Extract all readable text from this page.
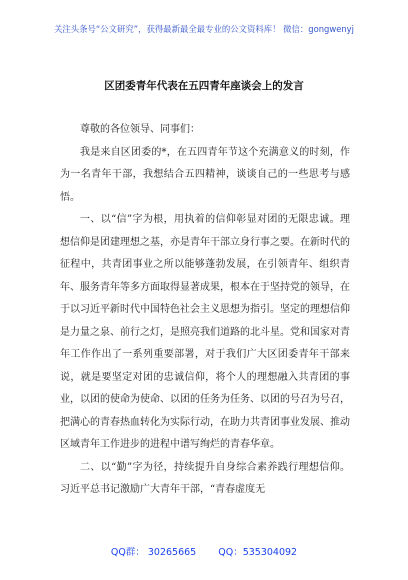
关注头条号“公文研究”，获得最新最全最专业的公文资料库！ 微信：gongwenyj
区团委青年代表在五四青年座谈会上的发言

尊敬的各位领导、同事们：

我是来自区团委的*，在五四青年节这个充满意义的时刻，作为一名青年干部，我想结合五四精神，谈谈自己的一些思考与感悟。

一、以“信”字为根，用执着的信仰彰显对团的无限忠诚。理想信仰是团建理想之基，亦是青年干部立身行事之要。在新时代的征程中，共青团事业之所以能够蓬勃发展，在引领青年、组织青年、服务青年等多方面取得显著成果，根本在于坚持党的领导，在于以习近平新时代中国特色社会主义思想为指引。坚定的理想信仰是力量之泉、前行之灯，是照亮我们道路的北斗星。党和国家对青年工作作出了一系列重要部署，对于我们广大区团委青年干部来说，就是要坚定对团的忠诚信仰，将个人的理想融入共青团的事业，以团的使命为使命、以团的任务为任务、以团的号召为号召，把满心的青春热血转化为实际行动，在助力共青团事业发展、推动区域青年工作进步的进程中谱写绚烂的青春华章。

二、以“勤”字为径，持续提升自身综合素养践行理想信仰。习近平总书记激励广大青年干部，“青春虚度无

QQ群： 30265665 QQ：535304092
